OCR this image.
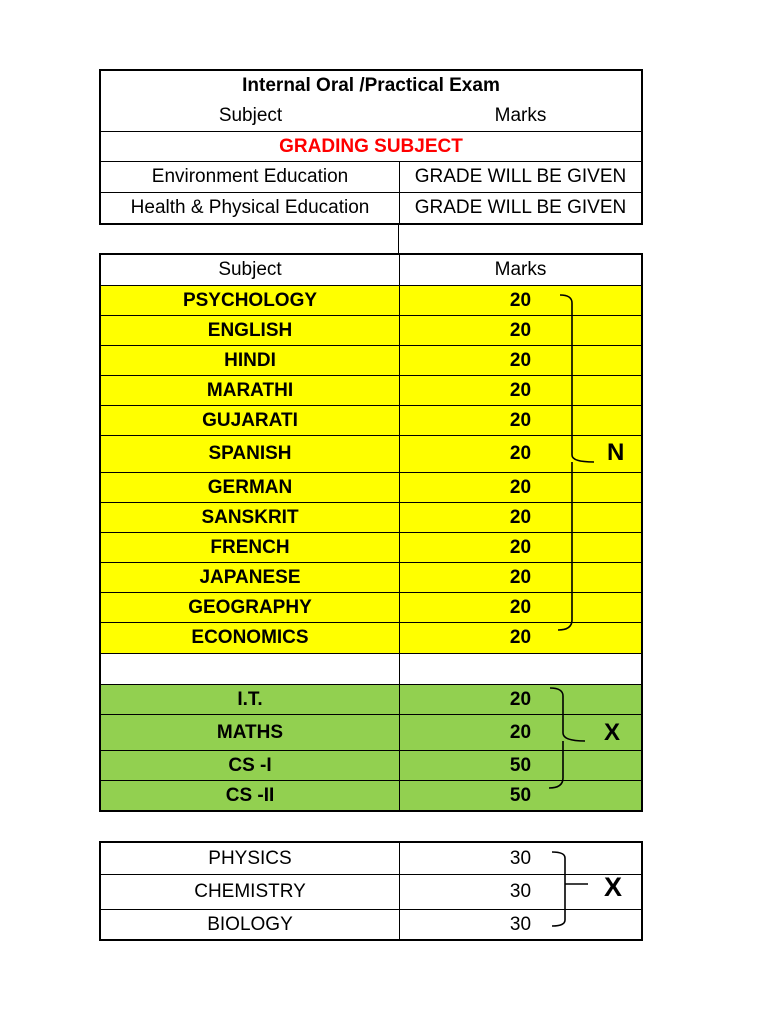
Internal Oral /Practical Exam
Subject	Marks
GRADING SUBJECT
Environment Education	GRADE WILL BE GIVEN
Health & Physical Education	GRADE WILL BE GIVEN
Subject	Marks
PSYCHOLOGY	20
ENGLISH	20
HINDI	20
MARATHI	20
GUJARATI	20
SPANISH	20
GERMAN	20
SANSKRIT	20
FRENCH	20
JAPANESE	20
GEOGRAPHY	20
ECONOMICS	20
I.T.	20
MATHS	20
CS -I	50
CS -II	50
PHYSICS	30
CHEMISTRY	30
BIOLOGY	30
N
X
X
